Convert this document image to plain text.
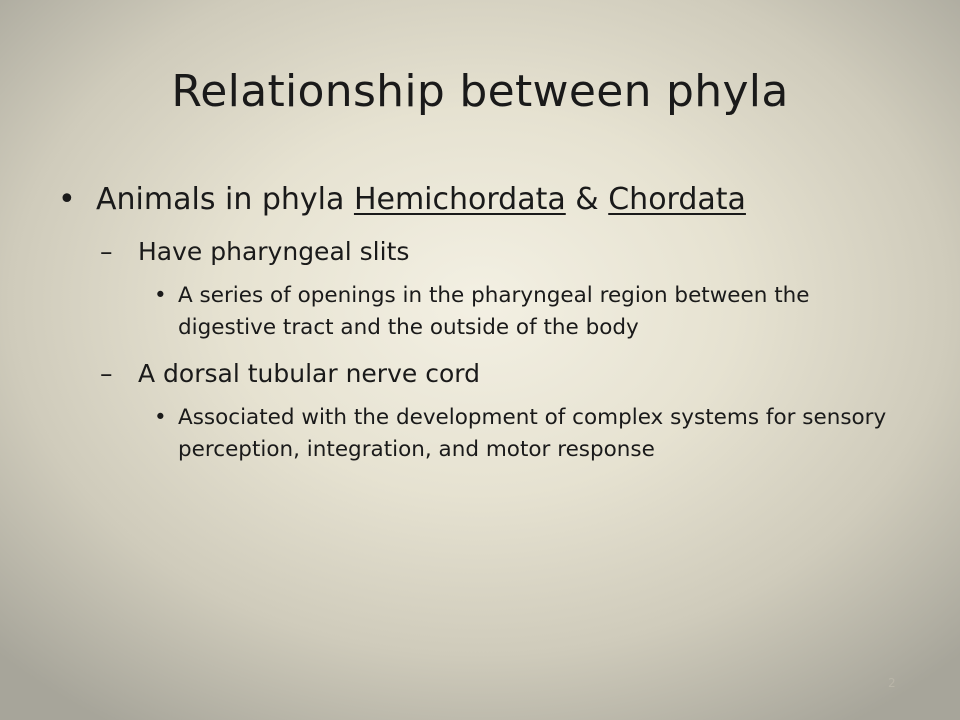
Relationship between phyla
• Animals in phyla Hemichordata & Chordata
– Have pharyngeal slits
• A series of openings in the pharyngeal region between the digestive tract and the outside of the body
– A dorsal tubular nerve cord
• Associated with the development of complex systems for sensory perception, integration, and motor response
2
